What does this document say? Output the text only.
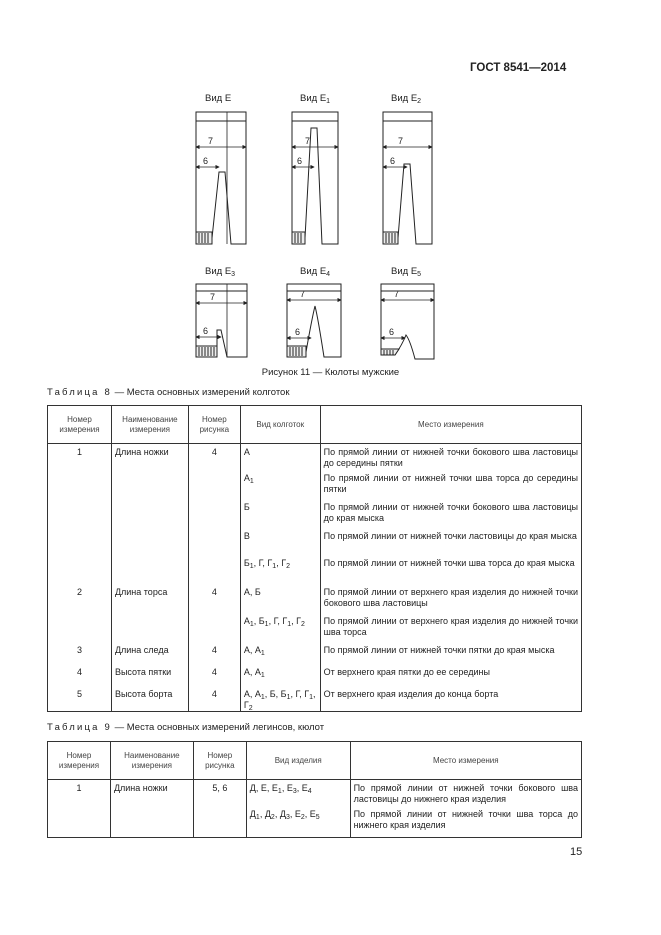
ГОСТ 8541—2014
Вид Е	Вид $Е_1$	Вид $Е_2$
7
6
7
6
7
6
Вид $Е_3$	Вид $Е_4$	Вид $Е_5$
7
6
7
6
7
6
Рисунок 11 — Кюлоты мужские
Таблица 8 — Места основных измерений колготок
Номер измерения	Наименование измерения	Номер рисунка	Вид колготок	Место измерения
1	Длина ножки	4	А	По прямой линии от нижней точки бокового шва ластовицы до середины пятки
			$А_1$	По прямой линии от нижней точки шва торса до середины пятки
			Б	По прямой линии от нижней точки бокового шва ластовицы до края мыска
			В	По прямой линии от нижней точки ластовицы до края мыска
			$Б_1$, Г, $Г_1$, $Г_2$	По прямой линии от нижней точки шва торса до края мыска
2	Длина торса	4	А, Б	По прямой линии от верхнего края изделия до нижней точки бокового шва ластовицы
			$А_1$, $Б_1$, Г, $Г_1$, $Г_2$	По прямой линии от верхнего края изделия до нижней точки шва торса
3	Длина следа	4	А, $А_1$	По прямой линии от нижней точки пятки до края мыска
4	Высота пятки	4	А, $А_1$	От верхнего края пятки до ее середины
5	Высота борта	4	А, $А_1$, Б, $Б_1$, Г, $Г_1$, $Г_2$	От верхнего края изделия до конца борта
Таблица 9 — Места основных измерений легинсов, кюлот
Номер измерения	Наименование измерения	Номер рисунка	Вид изделия	Место измерения
1	Длина ножки	5, 6	Д, Е, $Е_1$, $Е_3$, $Е_4$	По прямой линии от нижней точки бокового шва ластовицы до нижнего края изделия
			$Д_1$, $Д_2$, $Д_3$, $Е_2$, $Е_5$	По прямой линии от нижней точки шва торса до нижнего края изделия
15
